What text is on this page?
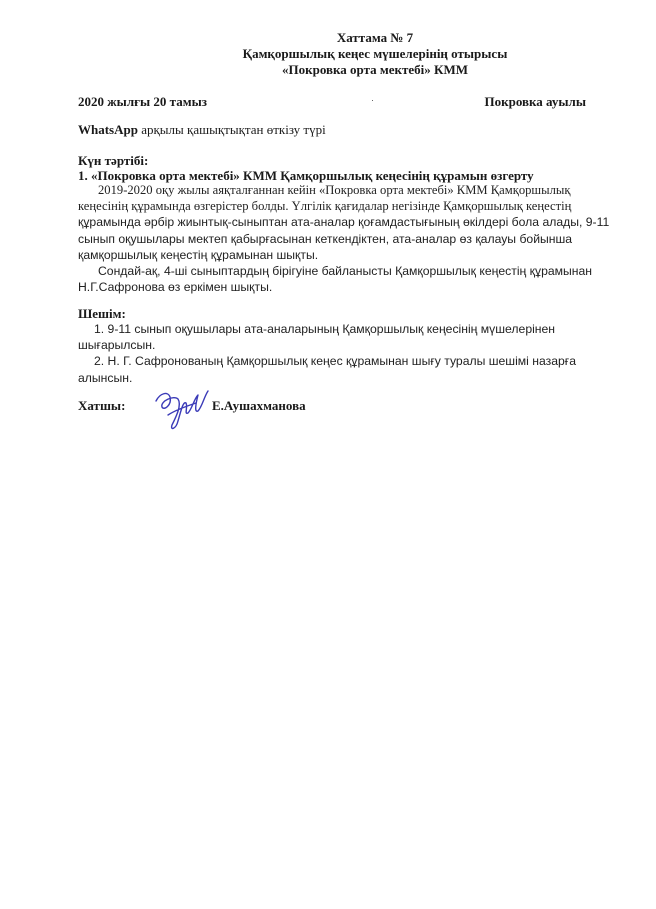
Хаттама № 7
Қамқоршылық кеңес мүшелерінің отырысы
«Покровка орта мектебі» КММ
2020 жылғы 20 тамыз	Покровка ауылы
WhatsApp арқылы қашықтықтан өткізу түрі
Күн тәртібі:
1. «Покровка орта мектебі» КММ Қамқоршылық кеңесінің құрамын өзгерту
2019-2020 оқу жылы аяқталғаннан кейін «Покровка орта мектебі» КММ Қамқоршылық
кеңесінің құрамында өзгерістер болды. Үлгілік қағидалар негізінде Қамқоршылық кеңестің
құрамында әрбір жиынтық-сыныптан ата-аналар қоғамдастығының өкілдері бола алады, 9-11
сынып оқушылары мектеп қабырғасынан кеткендіктен, ата-аналар өз қалауы бойынша
қамқоршылық кеңестің құрамынан шықты.
Сондай-ақ, 4-ші сыныптардың бірігуіне байланысты Қамқоршылық кеңестің құрамынан
Н.Г.Сафронова өз еркімен шықты.
Шешім:
1. 9-11 сынып оқушылары ата-аналарының Қамқоршылық кеңесінің мүшелерінен
шығарылсын.
2. Н. Г. Сафронованың Қамқоршылық кеңес құрамынан шығу туралы шешімі назарға
алынсын.
Хатшы:	Е.Аушахманова
